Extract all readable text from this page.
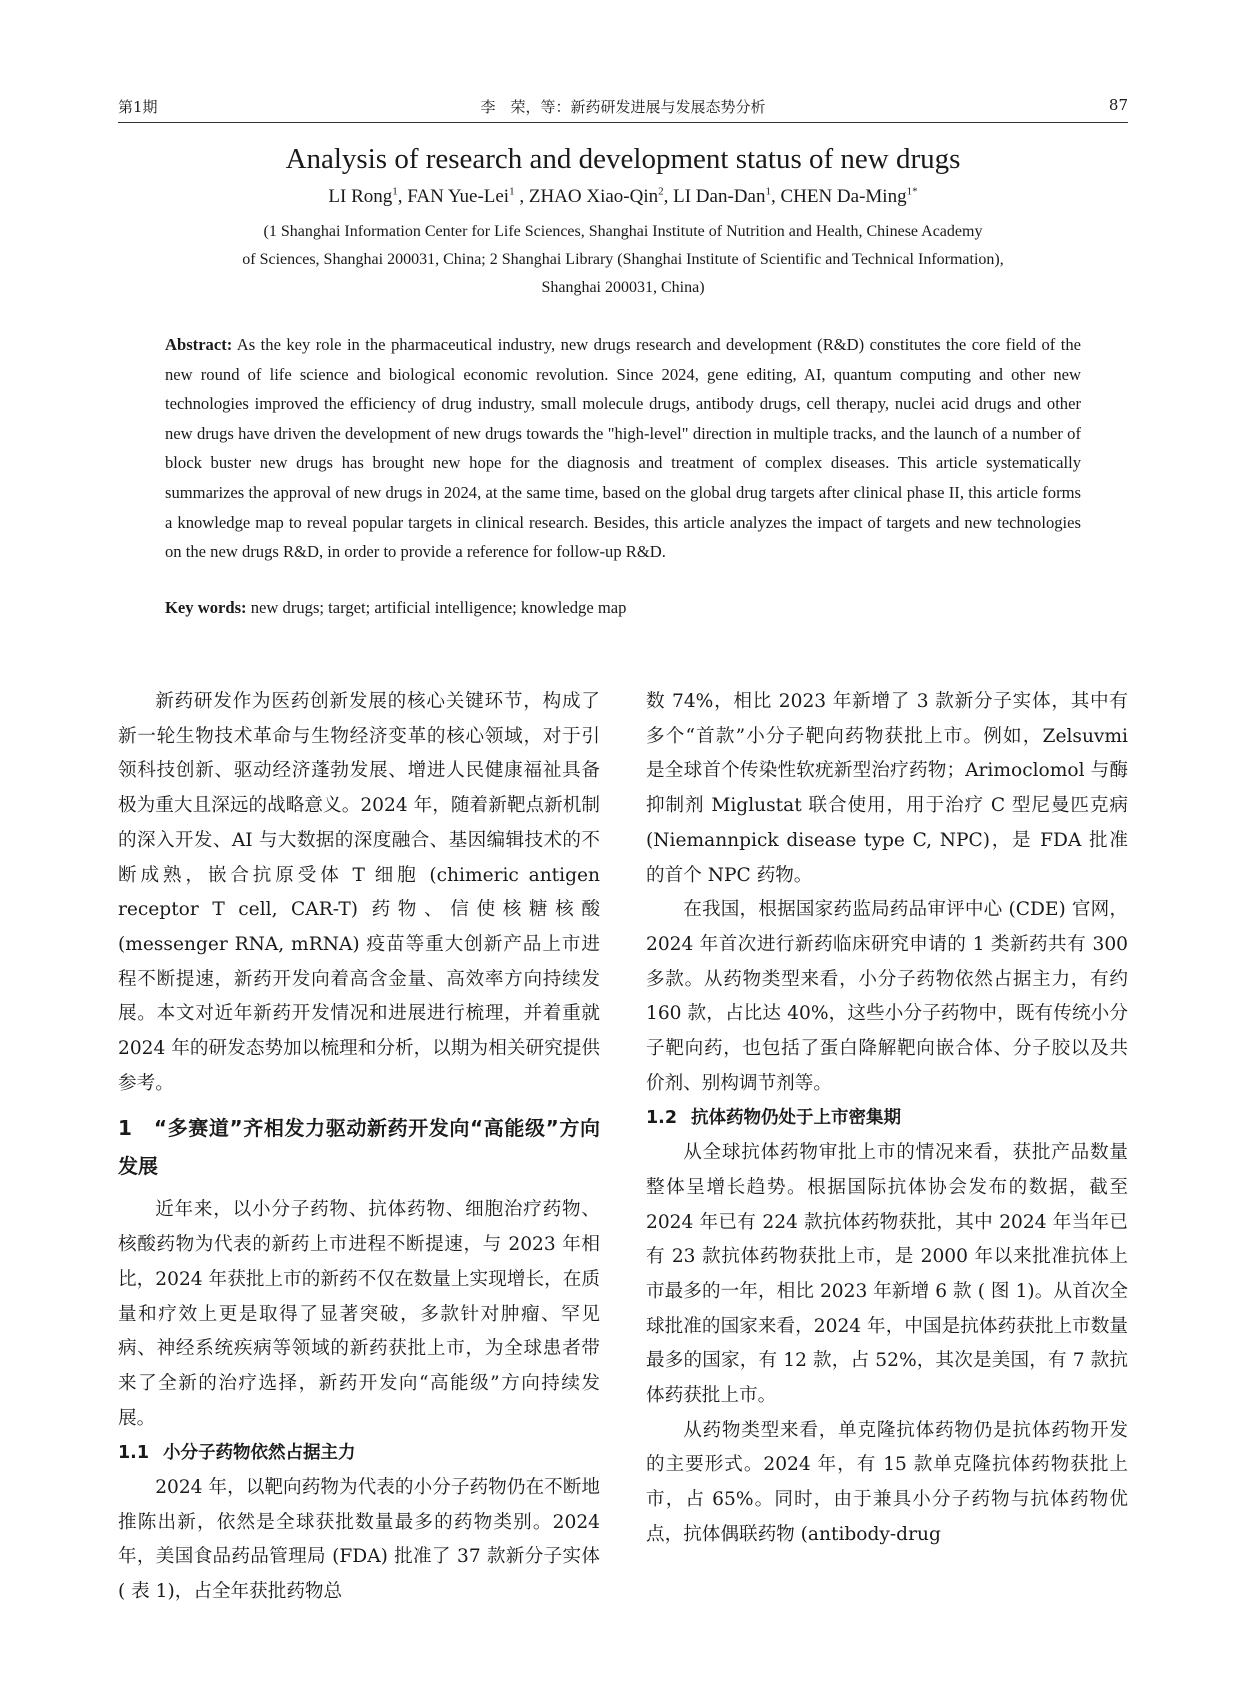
第1期	李　荣，等：新药研发进展与发展态势分析	87
Analysis of research and development status of new drugs
LI Rong$^1$, FAN Yue-Lei$^1$ , ZHAO Xiao-Qin$^2$, LI Dan-Dan$^1$, CHEN Da-Ming$^{1*}$
(1 Shanghai Information Center for Life Sciences, Shanghai Institute of Nutrition and Health, Chinese Academy
of Sciences, Shanghai 200031, China; 2 Shanghai Library (Shanghai Institute of Scientific and Technical Information),
Shanghai 200031, China)
Abstract: As the key role in the pharmaceutical industry, new drugs research and development (R&D) constitutes the core field of the new round of life science and biological economic revolution. Since 2024, gene editing, AI, quantum computing and other new technologies improved the efficiency of drug industry, small molecule drugs, antibody drugs, cell therapy, nuclei acid drugs and other new drugs have driven the development of new drugs towards the "high-level" direction in multiple tracks, and the launch of a number of block buster new drugs has brought new hope for the diagnosis and treatment of complex diseases. This article systematically summarizes the approval of new drugs in 2024, at the same time, based on the global drug targets after clinical phase II, this article forms a knowledge map to reveal popular targets in clinical research. Besides, this article analyzes the impact of targets and new technologies on the new drugs R&D, in order to provide a reference for follow-up R&D.
Key words: new drugs; target; artificial intelligence; knowledge map

新药研发作为医药创新发展的核心关键环节，构成了新一轮生物技术革命与生物经济变革的核心领域，对于引领科技创新、驱动经济蓬勃发展、增进人民健康福祉具备极为重大且深远的战略意义。2024 年，随着新靶点新机制的深入开发、AI 与大数据的深度融合、基因编辑技术的不断成熟，嵌合抗原受体 T 细胞 (chimeric antigen receptor T cell, CAR-T) 药物、信使核糖核酸 (messenger RNA, mRNA) 疫苗等重大创新产品上市进程不断提速，新药开发向着高含金量、高效率方向持续发展。本文对近年新药开发情况和进展进行梳理，并着重就 2024 年的研发态势加以梳理和分析，以期为相关研究提供参考。

1 “多赛道”齐相发力驱动新药开发向“高能级”方向发展

近年来，以小分子药物、抗体药物、细胞治疗药物、核酸药物为代表的新药上市进程不断提速，与 2023 年相比，2024 年获批上市的新药不仅在数量上实现增长，在质量和疗效上更是取得了显著突破，多款针对肿瘤、罕见病、神经系统疾病等领域的新药获批上市，为全球患者带来了全新的治疗选择，新药开发向“高能级”方向持续发展。

1.1 小分子药物依然占据主力

2024 年，以靶向药物为代表的小分子药物仍在不断地推陈出新，依然是全球获批数量最多的药物类别。2024 年，美国食品药品管理局 (FDA) 批准了 37 款新分子实体 ( 表 1)，占全年获批药物总

数 74%，相比 2023 年新增了 3 款新分子实体，其中有多个“首款”小分子靶向药物获批上市。例如，Zelsuvmi 是全球首个传染性软疣新型治疗药物；Arimoclomol 与酶抑制剂 Miglustat 联合使用，用于治疗 C 型尼曼匹克病 (Niemannpick disease type C, NPC)，是 FDA 批准的首个 NPC 药物。

在我国，根据国家药监局药品审评中心 (CDE) 官网，2024 年首次进行新药临床研究申请的 1 类新药共有 300 多款。从药物类型来看，小分子药物依然占据主力，有约 160 款，占比达 40%，这些小分子药物中，既有传统小分子靶向药，也包括了蛋白降解靶向嵌合体、分子胶以及共价剂、别构调节剂等。

1.2 抗体药物仍处于上市密集期

从全球抗体药物审批上市的情况来看，获批产品数量整体呈增长趋势。根据国际抗体协会发布的数据，截至 2024 年已有 224 款抗体药物获批，其中 2024 年当年已有 23 款抗体药物获批上市，是 2000 年以来批准抗体上市最多的一年，相比 2023 年新增 6 款 ( 图 1)。从首次全球批准的国家来看，2024 年，中国是抗体药获批上市数量最多的国家，有 12 款，占 52%，其次是美国，有 7 款抗体药获批上市。

从药物类型来看，单克隆抗体药物仍是抗体药物开发的主要形式。2024 年，有 15 款单克隆抗体药物获批上市，占 65%。同时，由于兼具小分子药物与抗体药物优点，抗体偶联药物 (antibody-drug
